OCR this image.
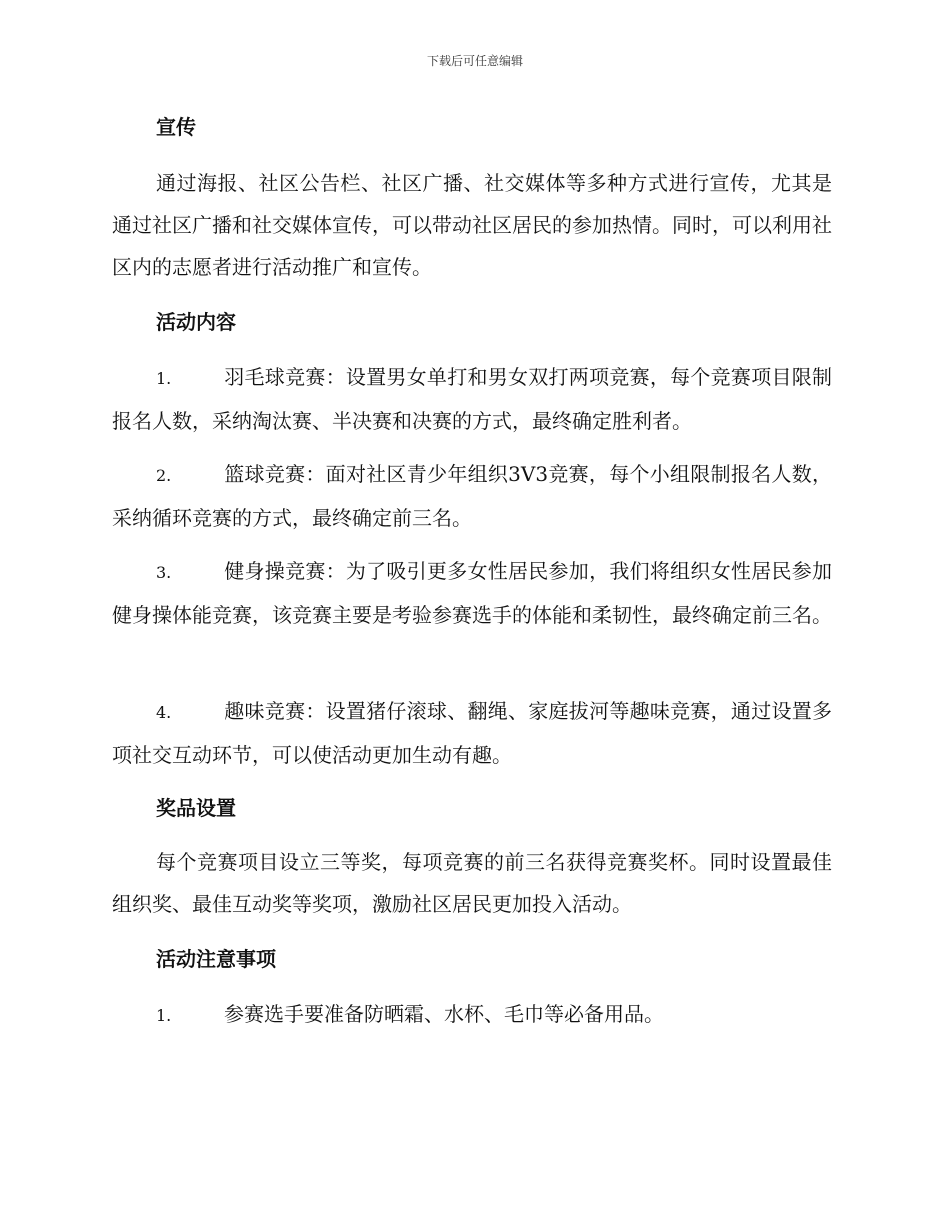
下载后可任意编辑
宣传
通过海报、社区公告栏、社区广播、社交媒体等多种方式进行宣传，尤其是通过社区广播和社交媒体宣传，可以带动社区居民的参加热情。同时，可以利用社区内的志愿者进行活动推广和宣传。
活动内容
1.	羽毛球竞赛：设置男女单打和男女双打两项竞赛，每个竞赛项目限制报名人数，采纳淘汰赛、半决赛和决赛的方式，最终确定胜利者。
2.	篮球竞赛：面对社区青少年组织3V3竞赛，每个小组限制报名人数，采纳循环竞赛的方式，最终确定前三名。
3.	健身操竞赛：为了吸引更多女性居民参加，我们将组织女性居民参加健身操体能竞赛，该竞赛主要是考验参赛选手的体能和柔韧性，最终确定前三名。
4.	趣味竞赛：设置猪仔滚球、翻绳、家庭拔河等趣味竞赛，通过设置多项社交互动环节，可以使活动更加生动有趣。
奖品设置
每个竞赛项目设立三等奖，每项竞赛的前三名获得竞赛奖杯。同时设置最佳组织奖、最佳互动奖等奖项，激励社区居民更加投入活动。
活动注意事项
1.	参赛选手要准备防晒霜、水杯、毛巾等必备用品。
